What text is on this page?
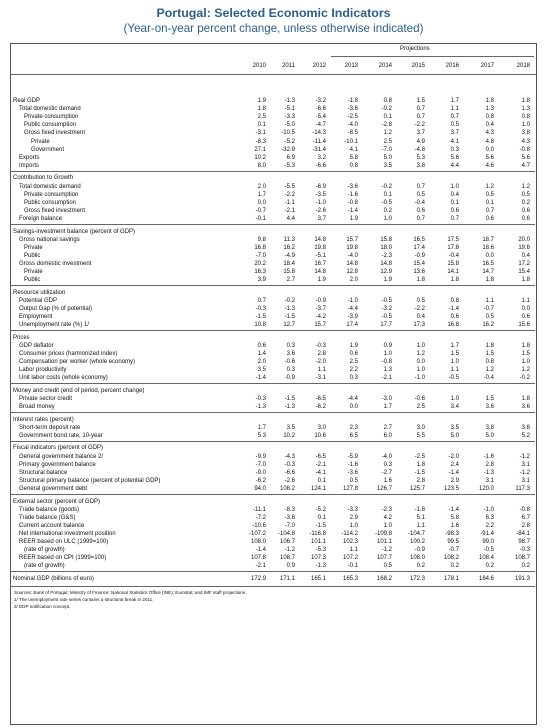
Portugal: Selected Economic Indicators
(Year-on-year percent change, unless otherwise indicated)
Projections
2010	2011	2012	2013	2014	2015	2016	2017	2018
Real GDP	1.9	-1.3	-3.2	-1.8	0.8	1.5	1.7	1.8	1.8
Total domestic demand	1.8	-5.1	-6.6	-3.6	-0.2	0.7	1.1	1.3	1.3
Private consumption	2.5	-3.3	-5.4	-2.5	0.1	0.7	0.7	0.8	0.8
Public consumption	0.1	-5.0	-4.7	-4.0	-2.8	-2.2	0.5	0.4	1.0
Gross fixed investment	-3.1	-10.5	-14.3	-8.5	1.2	3.7	3.7	4.3	3.8
Private	-8.3	-5.2	-11.4	-10.1	2.5	4.9	4.1	4.8	4.3
Government	27.1	-32.9	-31.4	4.1	-7.0	-4.8	0.3	0.0	-0.8
Exports	10.2	6.9	3.2	5.8	5.0	5.3	5.6	5.6	5.6
Imports	8.0	-5.3	-6.6	0.8	3.5	3.8	4.4	4.6	4.7
Contribution to Growth
Total domestic demand	2.0	-5.5	-6.9	-3.6	-0.2	0.7	1.0	1.2	1.2
Private consumption	1.7	-2.2	-3.5	-1.6	0.1	0.5	0.4	0.5	0.5
Public consumption	0.0	-1.1	-1.0	-0.8	-0.5	-0.4	0.1	0.1	0.2
Gross fixed investment	-0.7	-2.1	-2.6	-1.4	0.2	0.6	0.6	0.7	0.6
Foreign balance	-0.1	4.4	3.7	1.9	1.0	0.7	0.7	0.6	0.6
Savings-investment balance (percent of GDP)
Gross national savings	9.8	11.3	14.8	15.7	15.8	16.5	17.5	18.7	20.0
Private	16.8	16.2	19.8	19.8	18.0	17.4	17.8	18.6	19.6
Public	-7.0	-4.9	-5.1	-4.0	-2.3	-0.9	-0.4	0.0	0.4
Gross domestic investment	20.2	18.4	16.7	14.8	14.8	15.4	15.8	16.5	17.2
Private	16.3	15.8	14.8	12.8	12.9	13.6	14.1	14.7	15.4
Public	3.9	2.7	1.9	2.0	1.9	1.8	1.8	1.8	1.8
Resource utilization
Potential GDP	0.7	-0.2	-0.9	-1.0	-0.5	0.5	0.8	1.1	1.1
Output Gap (% of potential)	-0.3	-1.3	-3.7	-4.4	-3.2	-2.2	-1.4	-0.7	0.0
Employment	-1.5	-1.5	-4.2	-3.9	-0.5	0.4	0.6	0.5	0.6
Unemployment rate (%) 1/	10.8	12.7	15.7	17.4	17.7	17.3	16.8	16.2	15.6
Prices
GDP deflator	0.6	0.3	-0.3	1.9	0.9	1.0	1.7	1.8	1.8
Consumer prices (harmonized index)	1.4	3.6	2.8	0.6	1.0	1.2	1.5	1.5	1.5
Compensation per worker (whole economy)	2.0	-0.6	-2.0	2.5	-0.8	0.0	1.0	0.8	1.0
Labor productivity	3.5	0.3	1.1	2.2	1.3	1.0	1.1	1.2	1.2
Unit labor costs (whole economy)	-1.4	-0.9	-3.1	0.3	-2.1	-1.0	-0.5	-0.4	-0.2
Money and credit (end of period, percent change)
Private sector credit	-0.3	-1.5	-6.5	-4.4	-3.0	-0.6	1.0	1.5	1.8
Broad money	-1.3	-1.3	-6.2	0.0	1.7	2.5	3.4	3.6	3.6
Interest rates (percent)
Short-term deposit rate	1.7	3.5	3.0	2.3	2.7	3.0	3.5	3.8	3.8
Government bond rate, 10-year	5.3	10.2	10.6	6.5	6.0	5.5	5.0	5.0	5.2
Fiscal indicators (percent of GDP)
General government balance 2/	-9.9	-4.3	-6.5	-5.9	-4.0	-2.5	-2.0	-1.6	-1.2
Primary government balance	-7.0	-0.3	-2.1	-1.6	0.3	1.8	2.4	2.8	3.1
Structural balance	-9.0	-6.6	-4.1	-3.6	-2.7	-1.5	-1.4	-1.3	-1.2
Structural primary balance (percent of potential GDP)	-6.2	-2.6	0.1	0.5	1.6	2.8	2.9	3.1	3.1
General government debt	94.0	108.2	124.1	127.8	126.7	125.7	123.5	120.0	117.3
External sector (percent of GDP)
Trade balance (goods)	-11.1	-8.3	-5.2	-3.3	-2.3	-1.8	-1.4	-1.0	-0.8
Trade balance (G&S)	-7.2	-3.8	0.1	2.9	4.2	5.1	5.8	6.3	6.7
Current account balance	-10.6	-7.0	-1.5	1.0	1.0	1.1	1.6	2.2	2.8
Net international investment position	-107.2	-104.8	-116.8	-114.2	-109.8	-104.7	-98.3	-91.4	-84.1
REER based on ULC (1999=100)	108.0	106.7	101.1	102.3	101.1	100.2	99.5	99.0	98.7
(rate of growth)	-1.4	-1.2	-5.3	1.1	-1.2	-0.9	-0.7	-0.5	-0.3
REER based on CPI (1999=100)	107.8	108.7	107.3	107.2	107.7	108.0	108.2	108.4	108.7
(rate of growth)	-2.1	0.9	-1.3	-0.1	0.5	0.2	0.2	0.2	0.2
Nominal GDP (billions of euro)	172.9	171.1	165.1	165.3	168.2	172.3	178.1	184.6	191.3
Sources: Bank of Portugal; Ministry of Finance; National Statistics Office (INE); Eurostat; and IMF staff projections.
1/ The unemployment rate series contains a structural break in 2011.
2/ EDP notification concept.
